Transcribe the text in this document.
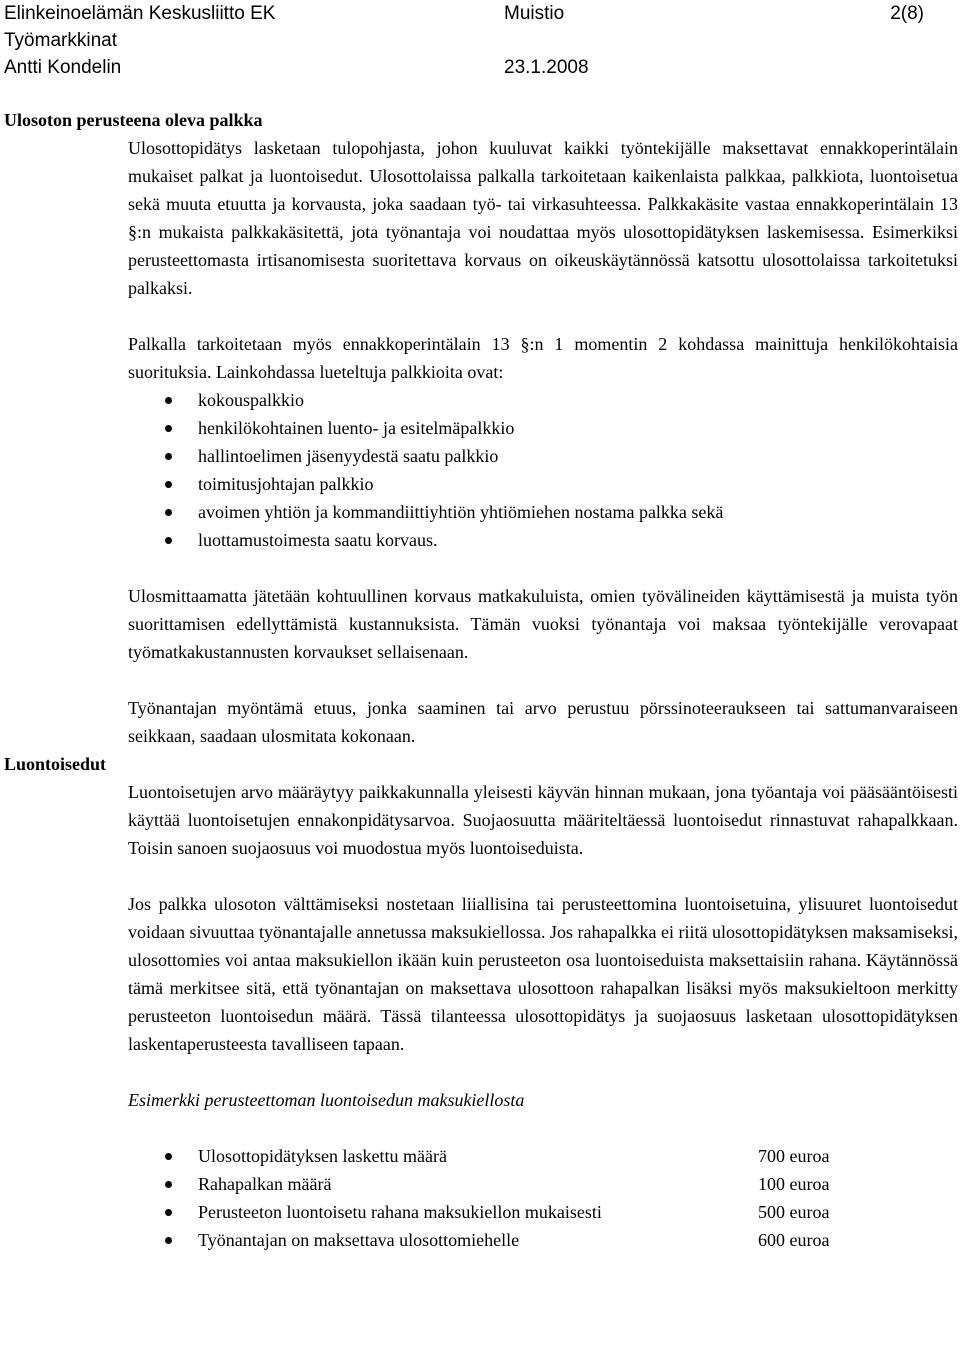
Elinkeinoelämän Keskusliitto EK	Muistio	2(8)
Työmarkkinat
Antti Kondelin	23.1.2008
Ulosoton perusteena oleva palkka

Ulosottopidätys lasketaan tulopohjasta, johon kuuluvat kaikki työntekijälle maksettavat ennakkoperintälain mukaiset palkat ja luontoisedut. Ulosottolaissa palkalla tarkoitetaan kaikenlaista palkkaa, palkkiota, luontoisetua sekä muuta etuutta ja korvausta, joka saadaan työ- tai virkasuhteessa. Palkkakäsite vastaa ennakkoperintälain 13 §:n mukaista palkkakäsitettä, jota työnantaja voi noudattaa myös ulosottopidätyksen laskemisessa. Esimerkiksi perusteettomasta irtisanomisesta suoritettava korvaus on oikeuskäytännössä katsottu ulosottolaissa tarkoitetuksi palkaksi.

Palkalla tarkoitetaan myös ennakkoperintälain 13 §:n 1 momentin 2 kohdassa mainittuja henkilökohtaisia suorituksia. Lainkohdassa lueteltuja palkkioita ovat:

kokouspalkkio
henkilökohtainen luento- ja esitelmäpalkkio
hallintoelimen jäsenyydestä saatu palkkio
toimitusjohtajan palkkio
avoimen yhtiön ja kommandiittiyhtiön yhtiömiehen nostama palkka sekä
luottamustoimesta saatu korvaus.

Ulosmittaamatta jätetään kohtuullinen korvaus matkakuluista, omien työvälineiden käyttämisestä ja muista työn suorittamisen edellyttämistä kustannuksista. Tämän vuoksi työnantaja voi maksaa työntekijälle verovapaat työmatkakustannusten korvaukset sellaisenaan.

Työnantajan myöntämä etuus, jonka saaminen tai arvo perustuu pörssinoteeraukseen tai sattumanvaraiseen seikkaan, saadaan ulosmitata kokonaan.

Luontoisedut

Luontoisetujen arvo määräytyy paikkakunnalla yleisesti käyvän hinnan mukaan, jona työantaja voi pääsääntöisesti käyttää luontoisetujen ennakonpidätysarvoa. Suojaosuutta määriteltäessä luontoisedut rinnastuvat rahapalkkaan. Toisin sanoen suojaosuus voi muodostua myös luontoiseduista.

Jos palkka ulosoton välttämiseksi nostetaan liiallisina tai perusteettomina luontoisetuina, ylisuuret luontoisedut voidaan sivuuttaa työnantajalle annetussa maksukiellossa. Jos rahapalkka ei riitä ulosottopidätyksen maksamiseksi, ulosottomies voi antaa maksukiellon ikään kuin perusteeton osa luontoiseduista maksettaisiin rahana. Käytännössä tämä merkitsee sitä, että työnantajan on maksettava ulosottoon rahapalkan lisäksi myös maksukieltoon merkitty perusteeton luontoisedun määrä. Tässä tilanteessa ulosottopidätys ja suojaosuus lasketaan ulosottopidätyksen laskentaperusteesta tavalliseen tapaan.

Esimerkki perusteettoman luontoisedun maksukiellosta

Ulosottopidätyksen laskettu määrä	700 euroa
Rahapalkan määrä	100 euroa
Perusteeton luontoisetu rahana maksukiellon mukaisesti	500 euroa
Työnantajan on maksettava ulosottomiehelle	600 euroa
